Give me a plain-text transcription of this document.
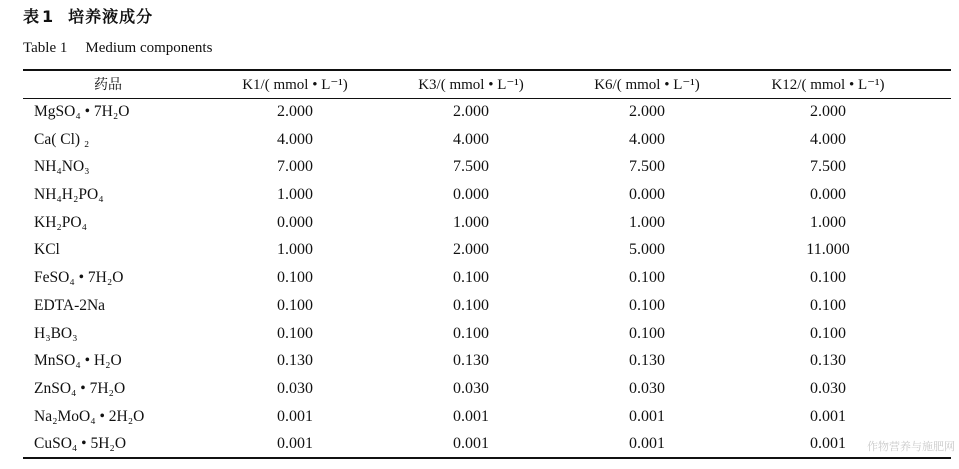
表 1 培养液成分
Table 1 Medium components
药品	K1/( mmol • L⁻¹)	K3/( mmol • L⁻¹)	K6/( mmol • L⁻¹)	K12/( mmol • L⁻¹)
MgSO₄ • 7H₂O	2.000	2.000	2.000	2.000
Ca( Cl) ₂	4.000	4.000	4.000	4.000
NH₄NO₃	7.000	7.500	7.500	7.500
NH₄H₂PO₄	1.000	0.000	0.000	0.000
KH₂PO₄	0.000	1.000	1.000	1.000
KCl	1.000	2.000	5.000	11.000
FeSO₄ • 7H₂O	0.100	0.100	0.100	0.100
EDTA-2Na	0.100	0.100	0.100	0.100
H₃BO₃	0.100	0.100	0.100	0.100
MnSO₄ • H₂O	0.130	0.130	0.130	0.130
ZnSO₄ • 7H₂O	0.030	0.030	0.030	0.030
Na₂MoO₄ • 2H₂O	0.001	0.001	0.001	0.001
CuSO₄ • 5H₂O	0.001	0.001	0.001	0.001	作物营养与施肥网
